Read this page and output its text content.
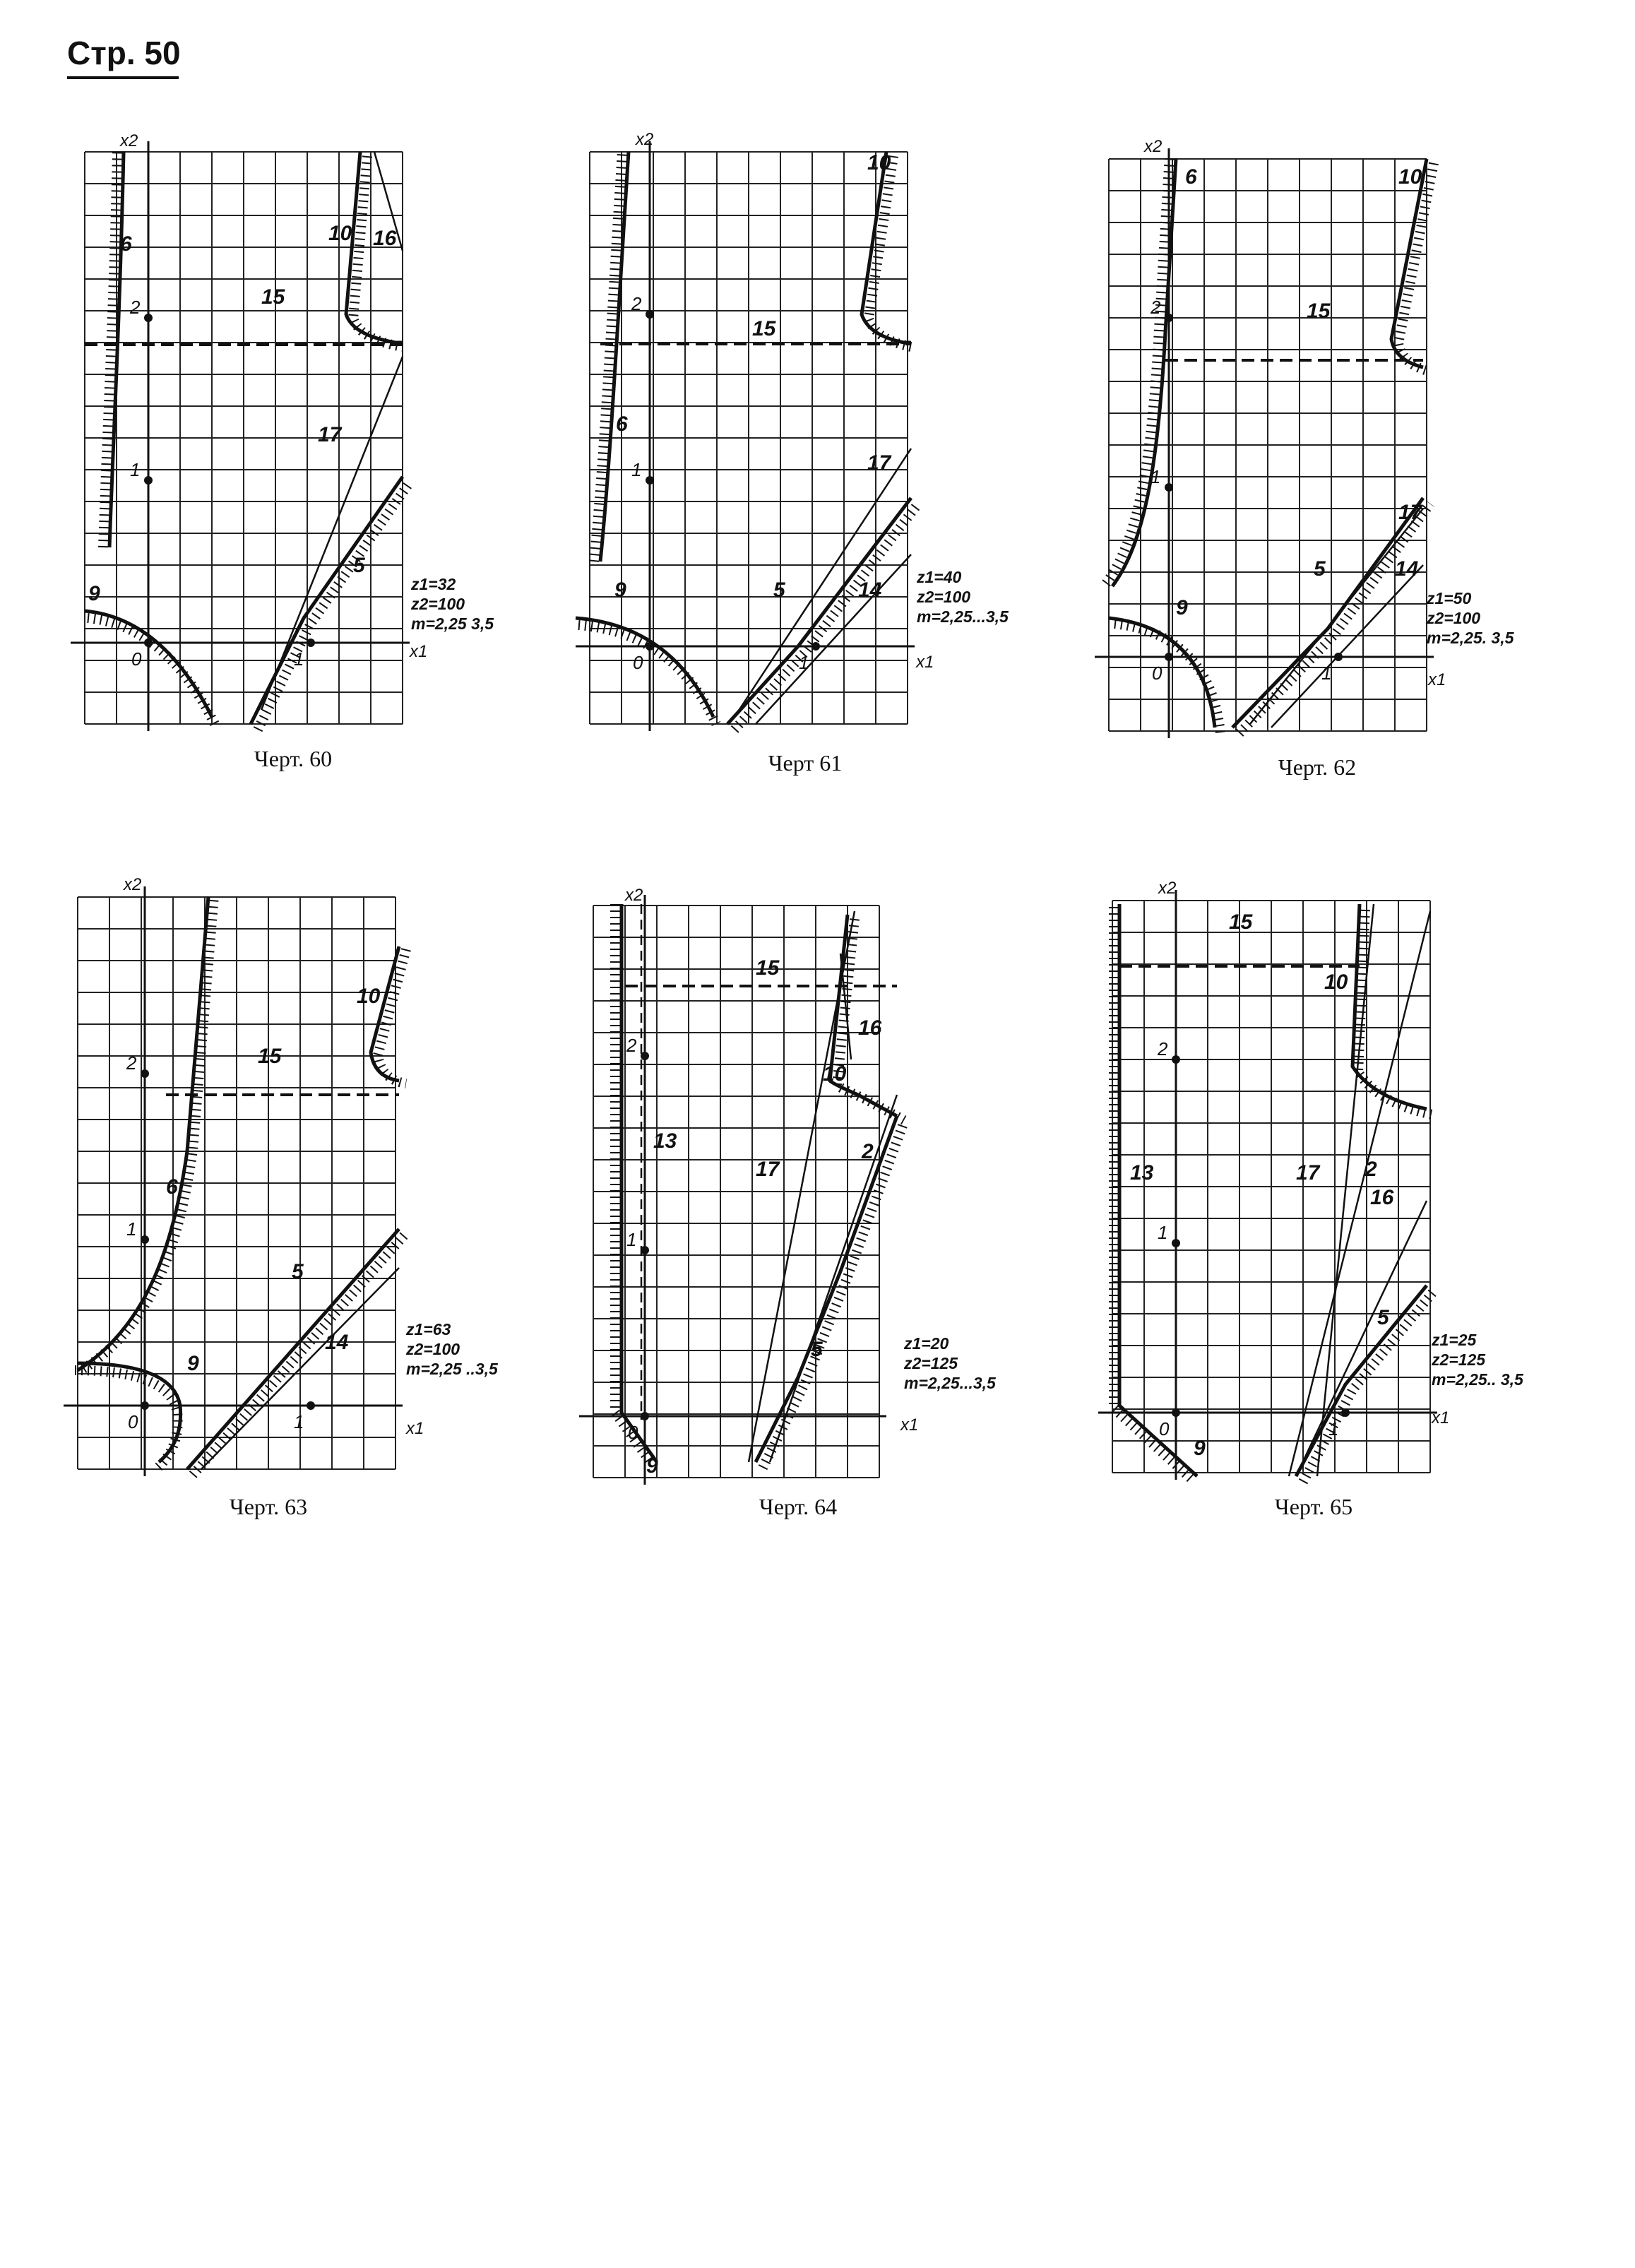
Стр. 50
x1
x2
0	1
1
2
6	10 16
15
17
5
9	z1=32
z2=100
m=2,25 3,5
x1
x2
0	1
1
2
10
15
6
17
5	14
9
z1=40
z2=100
m=2,25...3,5
x1
x2
0	1
1
2
6	10
15
17
5	14
9	z1=50
z2=100
m=2,25. 3,5
x1
x2
0	1
1
2
10
15
6
5
14
9
z1=63
z2=100
m=2,25 ..3,5
x1
x2
0
1
2
15
16
10
13
17
2
5
9
z1=20
z2=125
m=2,25...3,5
x1
x2
0	1
1
2
15
10
13	17 2
16
5
9
z1=25
z2=125
m=2,25.. 3,5
Черт. 60	Черт 61	Черт. 62
Черт. 63	Черт. 64	Черт. 65
